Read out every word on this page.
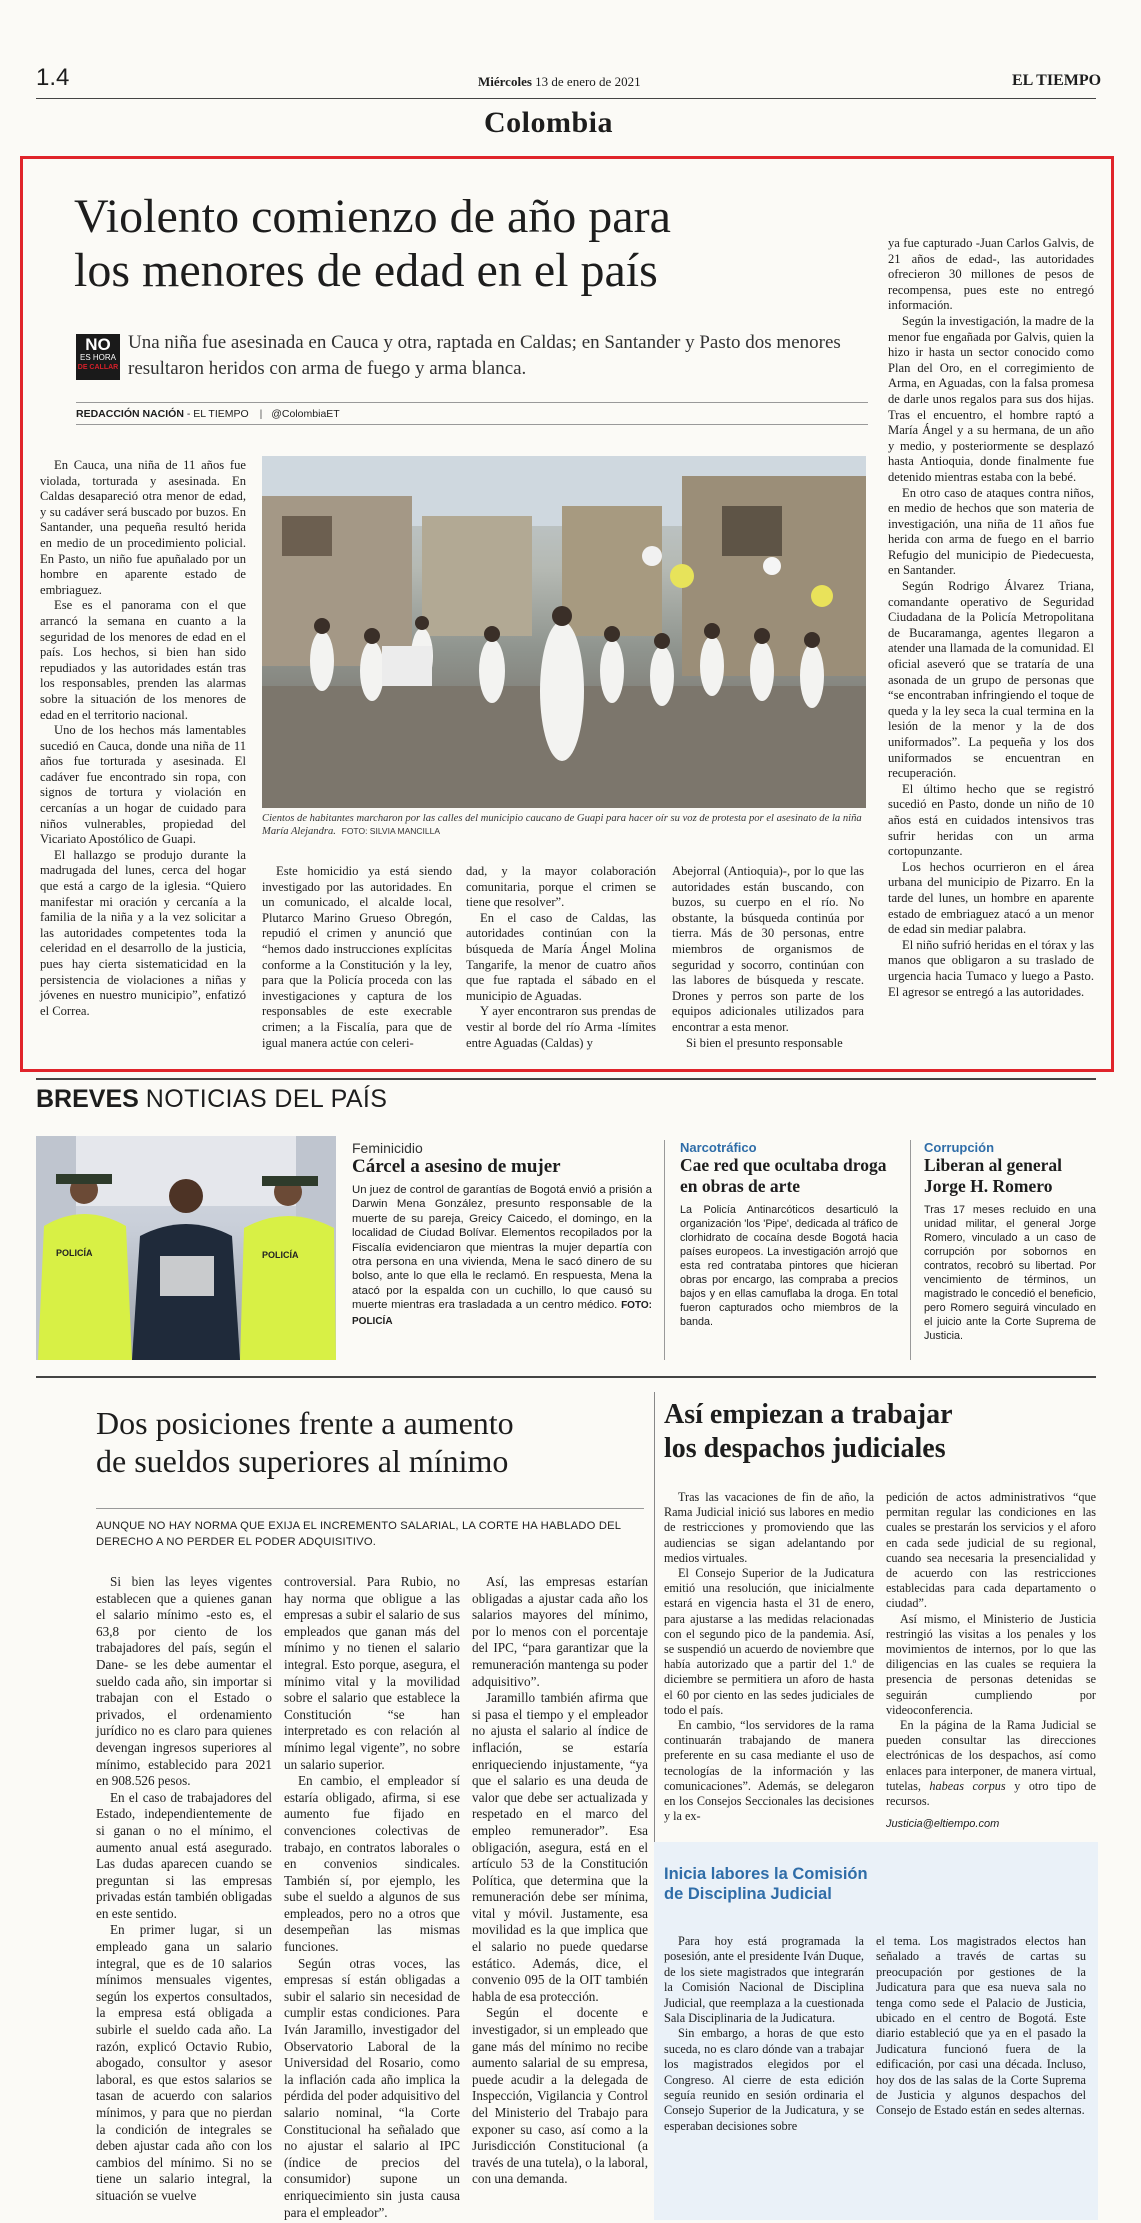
1.4	Miércoles 13 de enero de 2021	EL TIEMPO
Colombia
Violento comienzo de año para
los menores de edad en el país
NO
ES HORA
DE CALLAR
Una niña fue asesinada en Cauca y otra, raptada en Caldas; en Santander y Pasto dos menores resultaron heridos con arma de fuego y arma blanca.
REDACCIÓN NACIÓN - EL TIEMPO | @ColombiaET

En Cauca, una niña de 11 años fue violada, torturada y asesinada. En Caldas desapareció otra menor de edad, y su cadáver será buscado por buzos. En Santander, una pequeña resultó herida en medio de un procedimiento policial. En Pasto, un niño fue apuñalado por un hombre en aparente estado de embriaguez.

Ese es el panorama con el que arrancó la semana en cuanto a la seguridad de los menores de edad en el país. Los hechos, si bien han sido repudiados y las autoridades están tras los responsables, prenden las alarmas sobre la situación de los menores de edad en el territorio nacional.

Uno de los hechos más lamentables sucedió en Cauca, donde una niña de 11 años fue torturada y asesinada. El cadáver fue encontrado sin ropa, con signos de tortura y violación en cercanías a un hogar de cuidado para niños vulnerables, propiedad del Vicariato Apostólico de Guapi.

El hallazgo se produjo durante la madrugada del lunes, cerca del hogar que está a cargo de la iglesia. “Quiero manifestar mi oración y cercanía a la familia de la niña y a la vez solicitar a las autoridades competentes toda la celeridad en el desarrollo de la justicia, pues hay cierta sistematicidad en la persistencia de violaciones a niñas y jóvenes en nuestro municipio”, enfatizó el Correa.

Cientos de habitantes marcharon por las calles del municipio caucano de Guapi para hacer oír su voz de protesta por el asesinato de la niña María Alejandra. FOTO: SILVIA MANCILLA

Este homicidio ya está siendo investigado por las autoridades. En un comunicado, el alcalde local, Plutarco Marino Grueso Obregón, repudió el crimen y anunció que “hemos dado instrucciones explícitas conforme a la Constitución y la ley, para que la Policía proceda con las investigaciones y captura de los responsables de este execrable crimen; a la Fiscalía, para que de igual manera actúe con celeri-

dad, y la mayor colaboración comunitaria, porque el crimen se tiene que resolver”.

En el caso de Caldas, las autoridades continúan con la búsqueda de María Ángel Molina Tangarife, la menor de cuatro años que fue raptada el sábado en el municipio de Aguadas.

Y ayer encontraron sus prendas de vestir al borde del río Arma -límites entre Aguadas (Caldas) y

Abejorral (Antioquia)-, por lo que las autoridades están buscando, con buzos, su cuerpo en el río. No obstante, la búsqueda continúa por tierra. Más de 30 personas, entre miembros de organismos de seguridad y socorro, continúan con las labores de búsqueda y rescate. Drones y perros son parte de los equipos adicionales utilizados para encontrar a esta menor.

Si bien el presunto responsable

ya fue capturado -Juan Carlos Galvis, de 21 años de edad-, las autoridades ofrecieron 30 millones de pesos de recompensa, pues este no entregó información.

Según la investigación, la madre de la menor fue engañada por Galvis, quien la hizo ir hasta un sector conocido como Plan del Oro, en el corregimiento de Arma, en Aguadas, con la falsa promesa de darle unos regalos para sus dos hijas. Tras el encuentro, el hombre raptó a María Ángel y a su hermana, de un año y medio, y posteriormente se desplazó hasta Antioquia, donde finalmente fue detenido mientras estaba con la bebé.

En otro caso de ataques contra niños, en medio de hechos que son materia de investigación, una niña de 11 años fue herida con arma de fuego en el barrio Refugio del municipio de Piedecuesta, en Santander.

Según Rodrigo Álvarez Triana, comandante operativo de Seguridad Ciudadana de la Policía Metropolitana de Bucaramanga, agentes llegaron a atender una llamada de la comunidad. El oficial aseveró que se trataría de una asonada de un grupo de personas que “se encontraban infringiendo el toque de queda y la ley seca la cual termina en la lesión de la menor y la de dos uniformados”. La pequeña y los dos uniformados se encuentran en recuperación.

El último hecho que se registró sucedió en Pasto, donde un niño de 10 años está en cuidados intensivos tras sufrir heridas con un arma cortopunzante.

Los hechos ocurrieron en el área urbana del municipio de Pizarro. En la tarde del lunes, un hombre en aparente estado de embriaguez atacó a un menor de edad sin mediar palabra.

El niño sufrió heridas en el tórax y las manos que obligaron a su traslado de urgencia hacia Tumaco y luego a Pasto. El agresor se entregó a las autoridades.

BREVES NOTICIAS DEL PAÍS
POLICÍA	POLICÍA
Feminicidio
Cárcel a asesino de mujer
Un juez de control de garantías de Bogotá envió a prisión a Darwin Mena González, presunto responsable de la muerte de su pareja, Greicy Caicedo, el domingo, en la localidad de Ciudad Bolívar. Elementos recopilados por la Fiscalía evidenciaron que mientras la mujer departía con otra persona en una vivienda, Mena le sacó dinero de su bolso, ante lo que ella le reclamó. En respuesta, Mena la atacó por la espalda con un cuchillo, lo que causó su muerte mientras era trasladada a un centro médico. FOTO: POLICÍA
Narcotráfico
Cae red que ocultaba droga en obras de arte
La Policía Antinarcóticos desarticuló la organización 'los 'Pipe', dedicada al tráfico de clorhidrato de cocaína desde Bogotá hacia países europeos. La investigación arrojó que esta red contrataba pintores que hicieran obras por encargo, las compraba a precios bajos y en ellas camuflaba la droga. En total fueron capturados ocho miembros de la banda.
Corrupción
Liberan al general Jorge H. Romero
Tras 17 meses recluido en una unidad militar, el general Jorge Romero, vinculado a un caso de corrupción por sobornos en contratos, recobró su libertad. Por vencimiento de términos, un magistrado le concedió el beneficio, pero Romero seguirá vinculado en el juicio ante la Corte Suprema de Justicia.
Dos posiciones frente a aumento
de sueldos superiores al mínimo
AUNQUE NO HAY NORMA QUE EXIJA EL INCREMENTO SALARIAL, LA CORTE HA HABLADO DEL DERECHO A NO PERDER EL PODER ADQUISITIVO.

Si bien las leyes vigentes establecen que a quienes ganan el salario mínimo -esto es, el 63,8 por ciento de los trabajadores del país, según el Dane- se les debe aumentar el sueldo cada año, sin importar si trabajan con el Estado o privados, el ordenamiento jurídico no es claro para quienes devengan ingresos superiores al mínimo, establecido para 2021 en 908.526 pesos.

En el caso de trabajadores del Estado, independientemente de si ganan o no el mínimo, el aumento anual está asegurado. Las dudas aparecen cuando se preguntan si las empresas privadas están también obligadas en este sentido.

En primer lugar, si un empleado gana un salario integral, que es de 10 salarios mínimos mensuales vigentes, según los expertos consultados, la empresa está obligada a subirle el sueldo cada año. La razón, explicó Octavio Rubio, abogado, consultor y asesor laboral, es que estos salarios se tasan de acuerdo con salarios mínimos, y para que no pierdan la condición de integrales se deben ajustar cada año con los cambios del mínimo. Si no se tiene un salario integral, la situación se vuelve

controversial. Para Rubio, no hay norma que obligue a las empresas a subir el salario de sus empleados que ganan más del mínimo y no tienen el salario integral. Esto porque, asegura, el mínimo vital y la movilidad sobre el salario que establece la Constitución “se han interpretado es con relación al mínimo legal vigente”, no sobre un salario superior.

En cambio, el empleador sí estaría obligado, afirma, si ese aumento fue fijado en convenciones colectivas de trabajo, en contratos laborales o en convenios sindicales. También sí, por ejemplo, les sube el sueldo a algunos de sus empleados, pero no a otros que desempeñan las mismas funciones.

Según otras voces, las empresas sí están obligadas a subir el salario sin necesidad de cumplir estas condiciones. Para Iván Jaramillo, investigador del Observatorio Laboral de la Universidad del Rosario, como la inflación cada año implica la pérdida del poder adquisitivo del salario nominal, “la Corte Constitucional ha señalado que no ajustar el salario al IPC (índice de precios del consumidor) supone un enriquecimiento sin justa causa para el empleador”.

Así, las empresas estarían obligadas a ajustar cada año los salarios mayores del mínimo, por lo menos con el porcentaje del IPC, “para garantizar que la remuneración mantenga su poder adquisitivo”.

Jaramillo también afirma que si pasa el tiempo y el empleador no ajusta el salario al índice de inflación, se estaría enriqueciendo injustamente, “ya que el salario es una deuda de valor que debe ser actualizada y respetado en el marco del empleo remunerador”. Esa obligación, asegura, está en el artículo 53 de la Constitución Política, que determina que la remuneración debe ser mínima, vital y móvil. Justamente, esa movilidad es la que implica que el salario no puede quedarse estático. Además, dice, el convenio 095 de la OIT también habla de esa protección.

Según el docente e investigador, si un empleado que gane más del mínimo no recibe aumento salarial de su empresa, puede acudir a la delegada de Inspección, Vigilancia y Control del Ministerio del Trabajo para exponer su caso, así como a la Jurisdicción Constitucional (a través de una tutela), o la laboral, con una demanda.

Así empiezan a trabajar
los despachos judiciales

Tras las vacaciones de fin de año, la Rama Judicial inició sus labores en medio de restricciones y promoviendo que las audiencias se sigan adelantando por medios virtuales.

El Consejo Superior de la Judicatura emitió una resolución, que inicialmente estará en vigencia hasta el 31 de enero, para ajustarse a las medidas relacionadas con el segundo pico de la pandemia. Así, se suspendió un acuerdo de noviembre que había autorizado que a partir del 1.º de diciembre se permitiera un aforo de hasta el 60 por ciento en las sedes judiciales de todo el país.

En cambio, “los servidores de la rama continuarán trabajando de manera preferente en su casa mediante el uso de tecnologías de la información y las comunicaciones”. Además, se delegaron en los Consejos Seccionales las decisiones y la ex-

pedición de actos administrativos “que permitan regular las condiciones en las cuales se prestarán los servicios y el aforo en cada sede judicial de su regional, cuando sea necesaria la presencialidad y de acuerdo con las restricciones establecidas para cada departamento o ciudad”.

Así mismo, el Ministerio de Justicia restringió las visitas a los penales y los movimientos de internos, por lo que las diligencias en las cuales se requiera la presencia de personas detenidas se seguirán cumpliendo por videoconferencia.

En la página de la Rama Judicial se pueden consultar las direcciones electrónicas de los despachos, así como enlaces para interponer, de manera virtual, tutelas, habeas corpus y otro tipo de recursos.

Justicia@eltiempo.com
Inicia labores la Comisión
de Disciplina Judicial

Para hoy está programada la posesión, ante el presidente Iván Duque, de los siete magistrados que integrarán la Comisión Nacional de Disciplina Judicial, que reemplaza a la cuestionada Sala Disciplinaria de la Judicatura.

Sin embargo, a horas de que esto suceda, no es claro dónde van a trabajar los magistrados elegidos por el Congreso. Al cierre de esta edición seguía reunido en sesión ordinaria el Consejo Superior de la Judicatura, y se esperaban decisiones sobre

el tema. Los magistrados electos han señalado a través de cartas su preocupación por gestiones de la Judicatura para que esa nueva sala no tenga como sede el Palacio de Justicia, ubicado en el centro de Bogotá. Este diario estableció que ya en el pasado la Judicatura funcionó fuera de la edificación, por casi una década. Incluso, hoy dos de las salas de la Corte Suprema de Justicia y algunos despachos del Consejo de Estado están en sedes alternas.
